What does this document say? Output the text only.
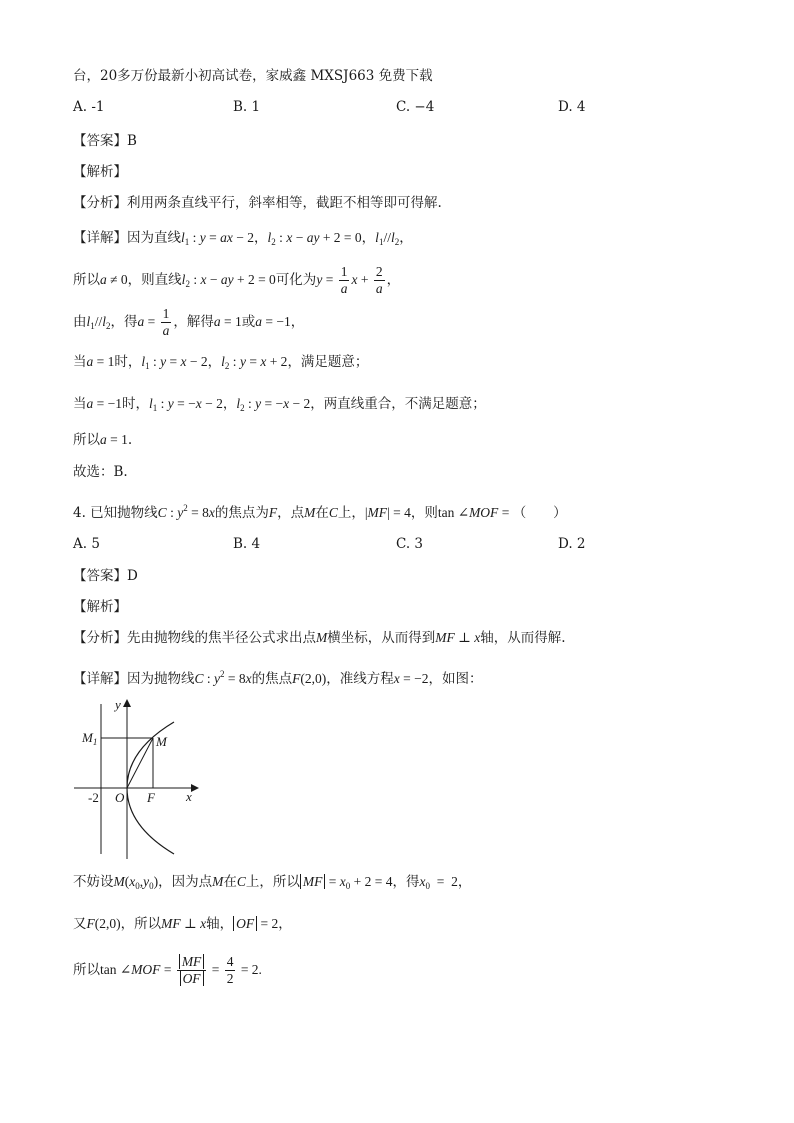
台，20多万份最新小初高试卷，家威鑫 MXSJ663 免费下载
A. -1	B. 1	C. −4	D. 4
【答案】B
【解析】
【分析】利用两条直线平行，斜率相等，截距不相等即可得解.
【详解】因为直线$l_1$ : y = ax − 2，$l_2$ : x − ay + 2 = 0，$l_1//l_2$，
所以a ≠ 0，则直线$l_2$ : x − ay + 2 = 0可化为$y = \frac{1}{a}$ $x + \frac{2}{a}$ ，
由$l_1//l_2$，得$a = \frac{1}{a}$ ，解得a = 1或a = −1，
当a = 1时，$l_1$ : y = x − 2，$l_2$ : y = x + 2，满足题意；
当a = −1时，$l_1$ : y = −x − 2，$l_2$ : y = −x − 2，两直线重合，不满足题意；
所以a = 1.
故选：B.
4. 已知抛物线C : $y^2 = 8x$的焦点为F，点M在C上，|MF| = 4，则tan ∠MOF = （　　）
A. 5	B. 4	C. 3	D. 2
【答案】D
【解析】
【分析】先由抛物线的焦半径公式求出点M横坐标，从而得到MF ⊥ x轴，从而得解.
【详解】因为抛物线C : $y^2 = 8x$的焦点F(2,0)，准线方程x = −2，如图：
y
x
$M_1$	M
O F
-2
不妨设$M(x_0,y_0)$，因为点M在C上，所以 MF = $x_0 + 2 = 4$，得$x_0 = 2$，
又F(2,0)，所以MF ⊥ x轴， OF = 2，
所以tan ∠MOF = $\frac{MF}{OF} = \frac{4}{2} = 2$.
